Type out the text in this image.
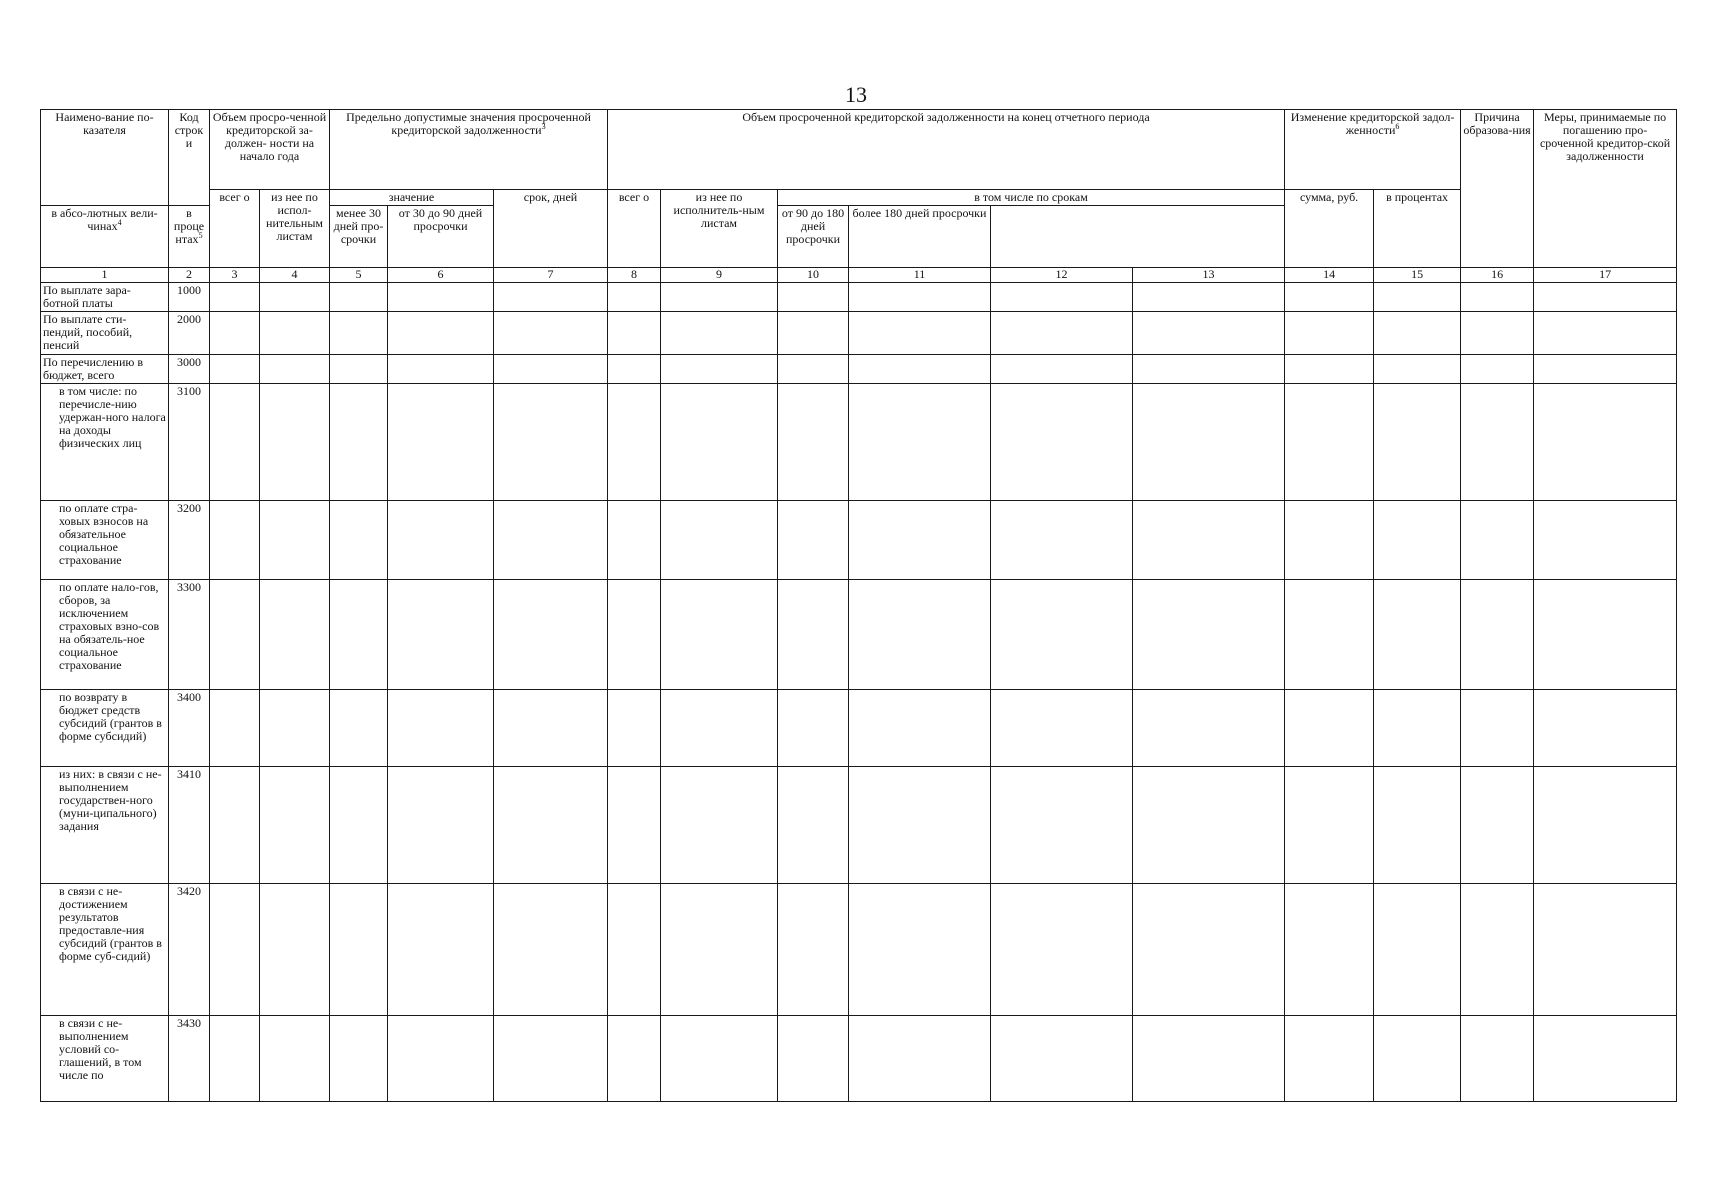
13
Наимено-вание по-казателя	Код строк и	Объем просро-ченной кредиторской за-должен- ности на начало года		Предельно допустимые значения просроченной кредиторской задолженности$^3$			Объем просроченной кредиторской задолженности на конец отчетного периода						Изменение кредиторской задол-женности$^6$		Причина образова-ния	Меры, принимаемые по погашению про-сроченной кредитор-ской задолженности
		всег о	из нее по испол-нительным листам	значение		срок, дней	всег о	из нее по исполнитель-ным листам	в том числе по срокам				сумма, руб.	в процентах		
в абсо-лютных вели-чинах$^4$	в процентах$^5$			менее 30 дней про-срочки	от 30 до 90 дней просрочки				от 90 до 180 дней просрочки	более 180 дней просрочки						
1	2	3	4	5	6	7	8	9	10	11	12	13	14	15	16	17
По выплате зара-ботной платы	1000															
По выплате сти-пендий, пособий, пенсий	2000															
По перечислению в бюджет, всего	3000															
в том числе: по перечисле-нию удержан-ного налога на доходы физических лиц	3100															
по оплате стра-ховых взносов на обязательное социальное страхование	3200															
по оплате нало-гов, сборов, за исключением страховых взно-сов на обязатель-ное социальное страхование	3300															
по возврату в бюджет средств субсидий (грантов в форме субсидий)	3400															
из них: в связи с не-выполнением государствен-ного (муни-ципального) задания	3410															
в связи с не-достижением результатов предоставле-ния субсидий (грантов в форме суб-сидий)	3420															
в связи с не-выполнением условий со-глашений, в том числе по	3430															
